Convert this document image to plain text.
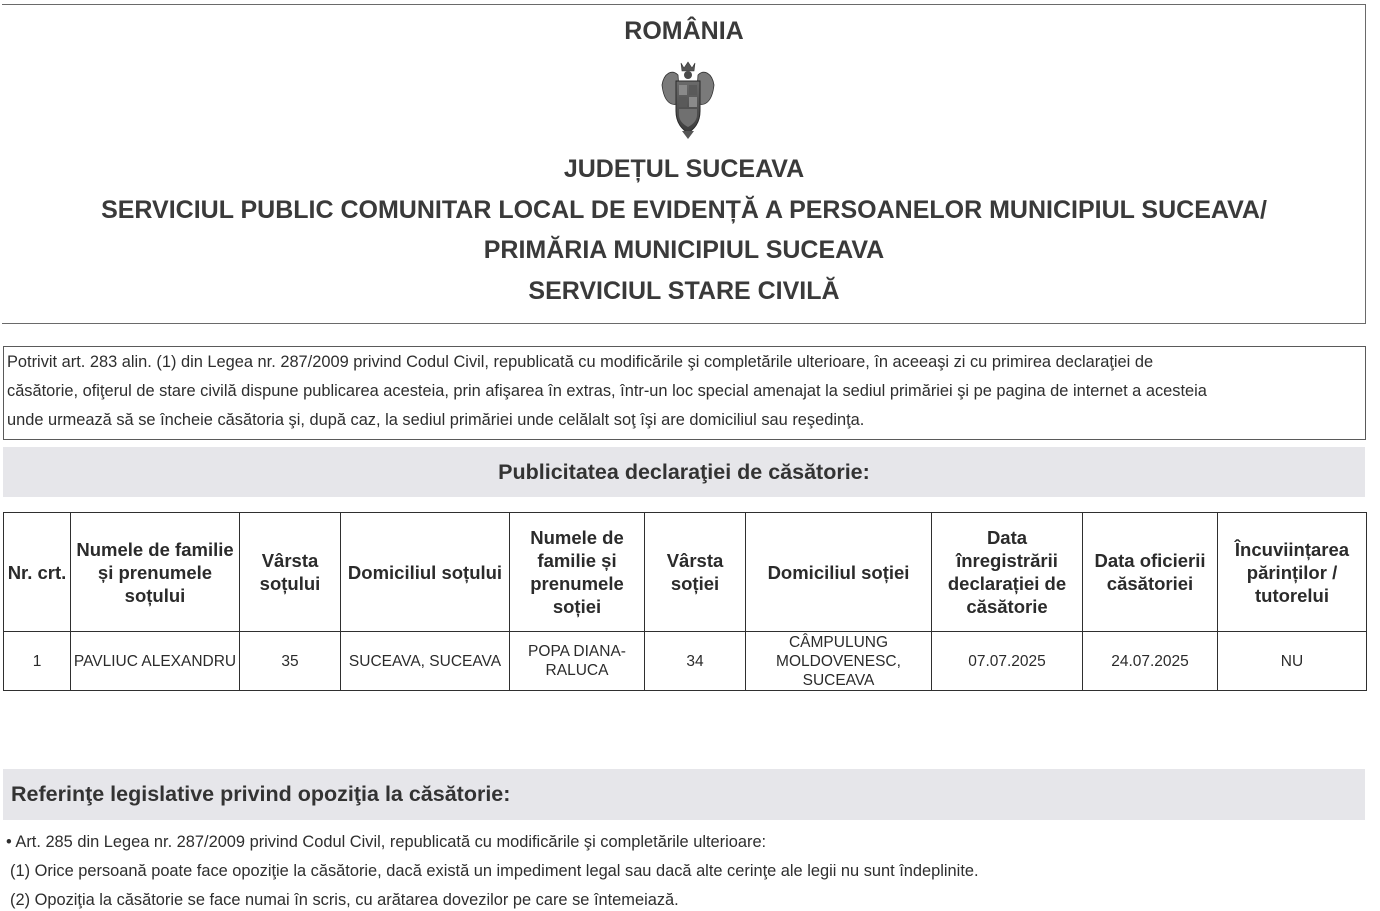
ROMÂNIA
JUDEȚUL SUCEAVA
SERVICIUL PUBLIC COMUNITAR LOCAL DE EVIDENȚĂ A PERSOANELOR MUNICIPIUL SUCEAVA/
PRIMĂRIA MUNICIPIUL SUCEAVA
SERVICIUL STARE CIVILĂ
Potrivit art. 283 alin. (1) din Legea nr. 287/2009 privind Codul Civil, republicată cu modificările şi completările ulterioare, în aceeaşi zi cu primirea declaraţiei de
căsătorie, ofiţerul de stare civilă dispune publicarea acesteia, prin afişarea în extras, într-un loc special amenajat la sediul primăriei şi pe pagina de internet a acesteia
unde urmează să se încheie căsătoria şi, după caz, la sediul primăriei unde celălalt soţ îşi are domiciliul sau reşedinţa.
Publicitatea declaraţiei de căsătorie:
Nr. crt.	Numele de familie și prenumele soțului	Vârsta soțului	Domiciliul soțului	Numele de familie și prenumele soției	Vârsta soției	Domiciliul soției	Data înregistrării declarației de căsătorie	Data oficierii căsătoriei	Încuviințarea părinților / tutorelui
1	PAVLIUC ALEXANDRU	35	SUCEAVA, SUCEAVA	POPA DIANA-RALUCA	34	CÂMPULUNG MOLDOVENESC, SUCEAVA	07.07.2025	24.07.2025	NU
Referinţe legislative privind opoziţia la căsătorie:
• Art. 285 din Legea nr. 287/2009 privind Codul Civil, republicată cu modificările şi completările ulterioare:
(1) Orice persoană poate face opoziţie la căsătorie, dacă există un impediment legal sau dacă alte cerinţe ale legii nu sunt îndeplinite.
(2) Opoziţia la căsătorie se face numai în scris, cu arătarea dovezilor pe care se întemeiază.
